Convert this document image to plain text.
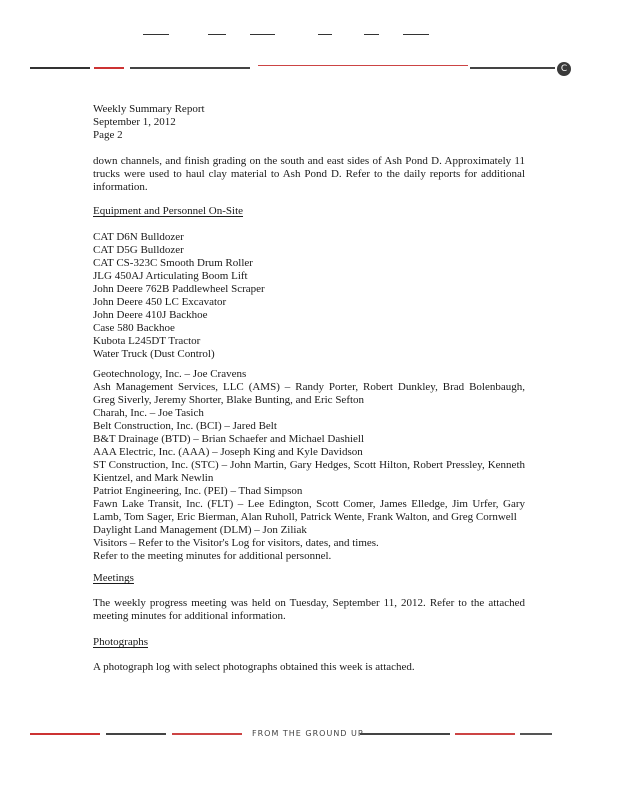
C
Weekly Summary Report
September 1, 2012
Page 2
down channels, and finish grading on the south and east sides of Ash Pond D. Approximately 11 trucks were used to haul clay material to Ash Pond D. Refer to the daily reports for additional information.
Equipment and Personnel On-Site
CAT D6N Bulldozer
CAT D5G Bulldozer
CAT CS-323C Smooth Drum Roller
JLG 450AJ Articulating Boom Lift
John Deere 762B Paddlewheel Scraper
John Deere 450 LC Excavator
John Deere 410J Backhoe
Case 580 Backhoe
Kubota L245DT Tractor
Water Truck (Dust Control)
Geotechnology, Inc. – Joe Cravens
Ash Management Services, LLC (AMS) – Randy Porter, Robert Dunkley, Brad Bolenbaugh, Greg Siverly, Jeremy Shorter, Blake Bunting, and Eric Sefton
Charah, Inc. – Joe Tasich
Belt Construction, Inc. (BCI) – Jared Belt
B&T Drainage (BTD) – Brian Schaefer and Michael Dashiell
AAA Electric, Inc. (AAA) – Joseph King and Kyle Davidson
ST Construction, Inc. (STC) – John Martin, Gary Hedges, Scott Hilton, Robert Pressley, Kenneth Kientzel, and Mark Newlin
Patriot Engineering, Inc. (PEI) – Thad Simpson
Fawn Lake Transit, Inc. (FLT) – Lee Edington, Scott Comer, James Elledge, Jim Urfer, Gary Lamb, Tom Sager, Eric Bierman, Alan Ruholl, Patrick Wente, Frank Walton, and Greg Cornwell
Daylight Land Management (DLM) – Jon Ziliak
Visitors – Refer to the Visitor's Log for visitors, dates, and times.
Refer to the meeting minutes for additional personnel.
Meetings
The weekly progress meeting was held on Tuesday, September 11, 2012. Refer to the attached meeting minutes for additional information.
Photographs
A photograph log with select photographs obtained this week is attached.
FROM THE GROUND UP
